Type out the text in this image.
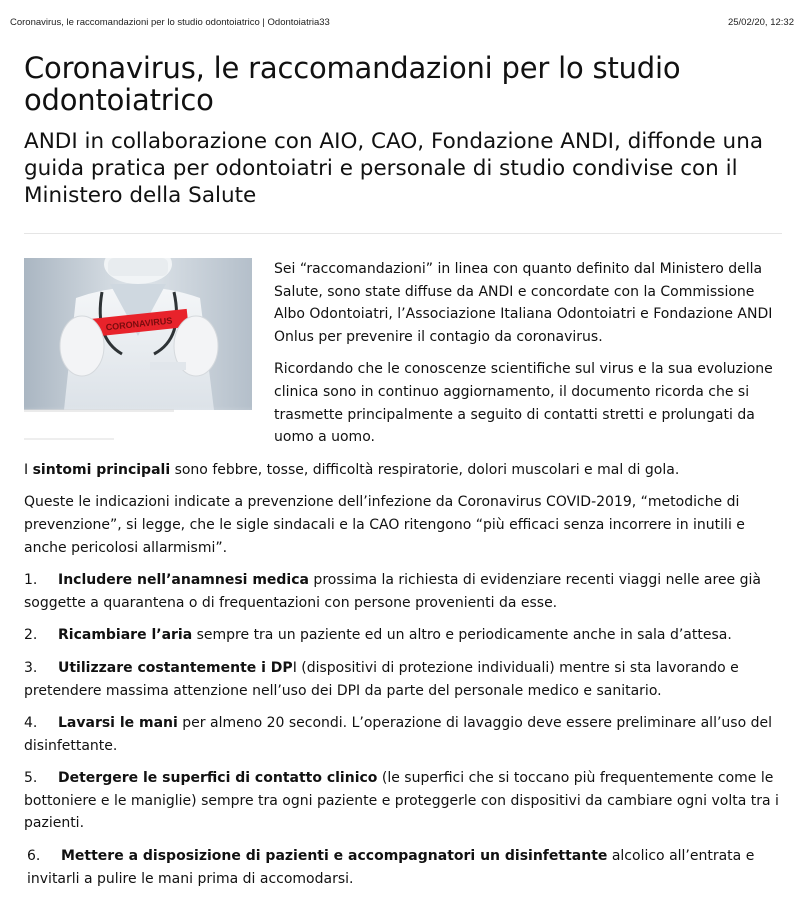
Coronavirus, le raccomandazioni per lo studio odontoiatrico | Odontoiatria33	25/02/20, 12:32
Coronavirus, le raccomandazioni per lo studio odontoiatrico
ANDI in collaborazione con AIO, CAO, Fondazione ANDI, diffonde una guida pratica per odontoiatri e personale di studio condivise con il Ministero della Salute
CORONAVIRUS

Sei “raccomandazioni” in linea con quanto definito dal Ministero della Salute, sono state diffuse da ANDI e concordate con la Commissione Albo Odontoiatri, l’Associazione Italiana Odontoiatri e Fondazione ANDI Onlus per prevenire il contagio da coronavirus.

Ricordando che le conoscenze scientifiche sul virus e la sua evoluzione clinica sono in continuo aggiornamento, il documento ricorda che si trasmette principalmente a seguito di contatti stretti e prolungati da uomo a uomo.

I sintomi principali sono febbre, tosse, difficoltà respiratorie, dolori muscolari e mal di gola.

Queste le indicazioni indicate a prevenzione dell’infezione da Coronavirus COVID-2019, “metodiche di prevenzione”, si legge, che le sigle sindacali e la CAO ritengono “più efficaci senza incorrere in inutili e anche pericolosi allarmismi”.

1. Includere nell’anamnesi medica prossima la richiesta di evidenziare recenti viaggi nelle aree già soggette a quarantena o di frequentazioni con persone provenienti da esse.

2. Ricambiare l’aria sempre tra un paziente ed un altro e periodicamente anche in sala d’attesa.

3. Utilizzare costantemente i DPI (dispositivi di protezione individuali) mentre si sta lavorando e pretendere massima attenzione nell’uso dei DPI da parte del personale medico e sanitario.

4. Lavarsi le mani per almeno 20 secondi. L’operazione di lavaggio deve essere preliminare all’uso del disinfettante.

5. Detergere le superfici di contatto clinico (le superfici che si toccano più frequentemente come le bottoniere e le maniglie) sempre tra ogni paziente e proteggerle con dispositivi da cambiare ogni volta tra i pazienti.

6. Mettere a disposizione di pazienti e accompagnatori un disinfettante alcolico all’entrata e invitarli a pulire le mani prima di accomodarsi.
